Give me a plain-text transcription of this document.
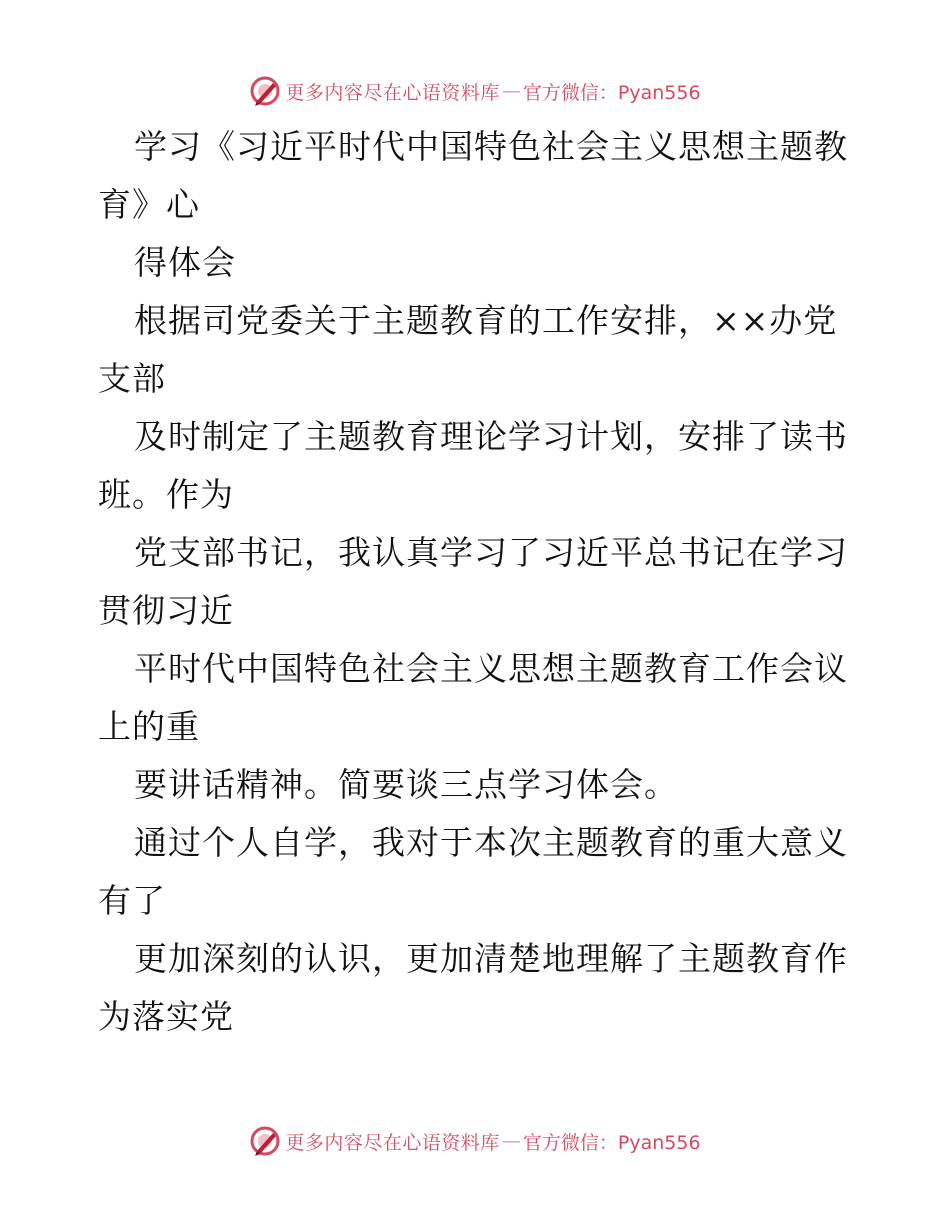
更多内容尽在心语资料库 — 官方微信：Pyan556
学习《习近平时代中国特色社会主义思想主题教
育》心
得体会
根据司党委关于主题教育的工作安排，××办党
支部
及时制定了主题教育理论学习计划，安排了读书
班。作为
党支部书记，我认真学习了习近平总书记在学习
贯彻习近
平时代中国特色社会主义思想主题教育工作会议
上的重
要讲话精神。简要谈三点学习体会。
通过个人自学，我对于本次主题教育的重大意义
有了
更加深刻的认识，更加清楚地理解了主题教育作
为落实党
更多内容尽在心语资料库 — 官方微信：Pyan556
